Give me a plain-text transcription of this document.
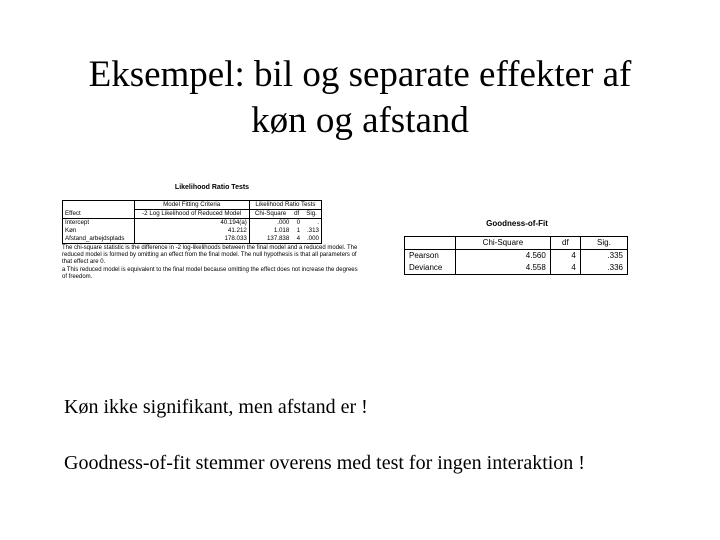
Eksempel: bil og separate effekter af
køn og afstand
Likelihood Ratio Tests
	Model Fitting Criteria	Likelihood Ratio Tests		
Effect	-2 Log Likelihood of Reduced Model	Chi-Square	df	Sig.
Intercept	40.194(a)	.000	0	.
Køn	41.212	1.018	1	.313
Afstand_arbejdsplads	178.033	137.838	4	.000
The chi-square statistic is the difference in -2 log-likelihoods between the final model and a reduced model. The reduced model is formed by omitting an effect from the final model. The null hypothesis is that all parameters of that effect are 0.
a This reduced model is equivalent to the final model because omitting the effect does not increase the degrees of freedom.
Goodness-of-Fit
	Chi-Square	df	Sig.
Pearson	4.560	4	.335
Deviance	4.558	4	.336
Køn ikke signifikant, men afstand er !
Goodness-of-fit stemmer overens med test for ingen interaktion !
